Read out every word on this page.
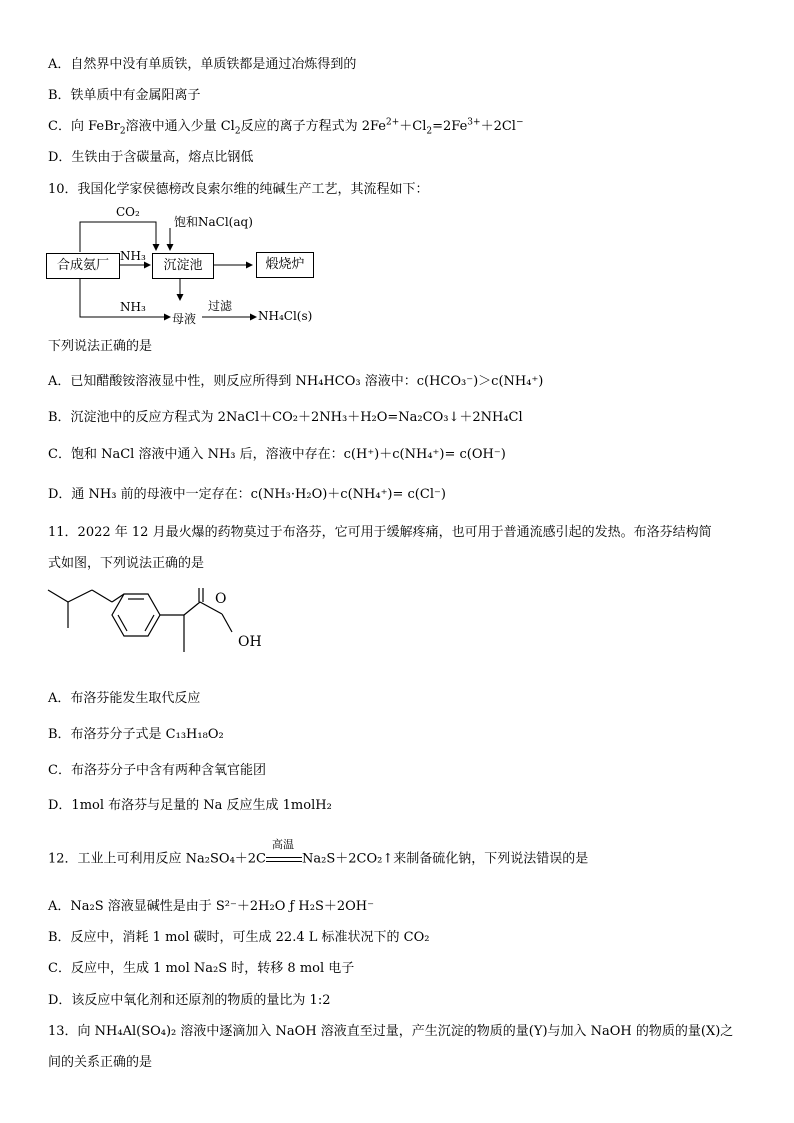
A．自然界中没有单质铁，单质铁都是通过冶炼得到的
B．铁单质中有金属阳离子
C．向 FeBr$_2$溶液中通入少量 $Cl_2$反应的离子方程式为 $2Fe^{2+}+Cl_2=2Fe^{3+}+2Cl^-$
D．生铁由于含碳量高，熔点比钢低
10．我国化学家侯德榜改良索尔维的纯碱生产工艺，其流程如下：
合成氨厂	沉淀池	煅烧炉
CO₂
饱和NaCl(aq)
NH₃
NH₃
母液
过滤
NH₄Cl(s)
下列说法正确的是
A．已知醋酸铵溶液显中性，则反应所得到 NH₄HCO₃ 溶液中：c(HCO₃⁻)＞c(NH₄⁺)
B．沉淀池中的反应方程式为 2NaCl＋CO₂＋2NH₃＋H₂O=Na₂CO₃↓＋2NH₄Cl
C．饱和 NaCl 溶液中通入 NH₃ 后，溶液中存在：c(H⁺)＋c(NH₄⁺)= c(OH⁻)
D．通 NH₃ 前的母液中一定存在：c(NH₃·H₂O)＋c(NH₄⁺)= c(Cl⁻)
11．2022 年 12 月最火爆的药物莫过于布洛芬，它可用于缓解疼痛，也可用于普通流感引起的发热。布洛芬结构简
式如图，下列说法正确的是
O
OH
A．布洛芬能发生取代反应
B．布洛芬分子式是 C₁₃H₁₈O₂
C．布洛芬分子中含有两种含氧官能团
D．1mol 布洛芬与足量的 Na 反应生成 1molH₂
12．工业上可利用反应 Na₂SO₄＋2C
高温
Na₂S＋2CO₂↑来制备硫化钠，下列说法错误的是
A．Na₂S 溶液显碱性是由于 S²⁻＋2H₂O ƒ H₂S＋2OH⁻
B．反应中，消耗 1 mol 碳时，可生成 22.4 L 标准状况下的 CO₂
C．反应中，生成 1 mol Na₂S 时，转移 8 mol 电子
D．该反应中氧化剂和还原剂的物质的量比为 1:2
13．向 NH₄Al(SO₄)₂ 溶液中逐滴加入 NaOH 溶液直至过量，产生沉淀的物质的量(Y)与加入 NaOH 的物质的量(X)之
间的关系正确的是
